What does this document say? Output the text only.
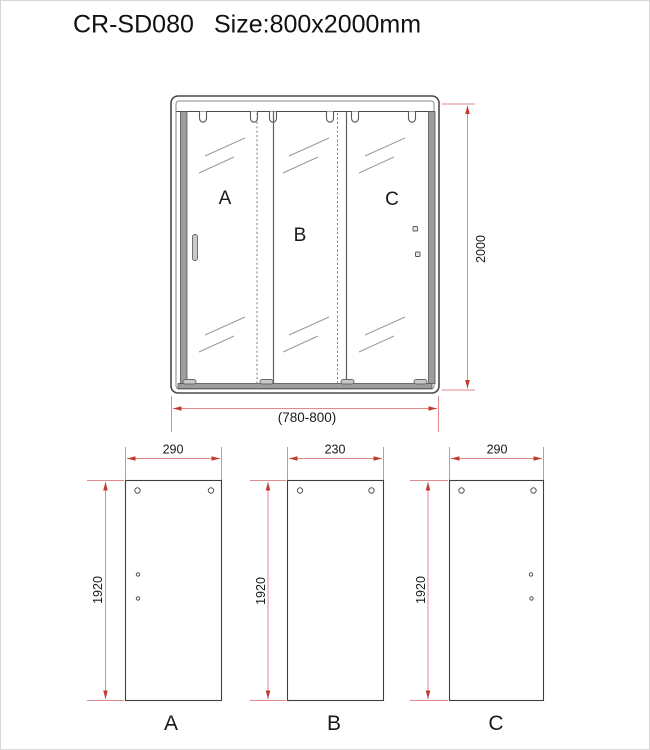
CR-SD080 Size:800x2000mm
A
B
C
2000
(780-800)
290
1920
A
230
1920
B
290
1920
C
